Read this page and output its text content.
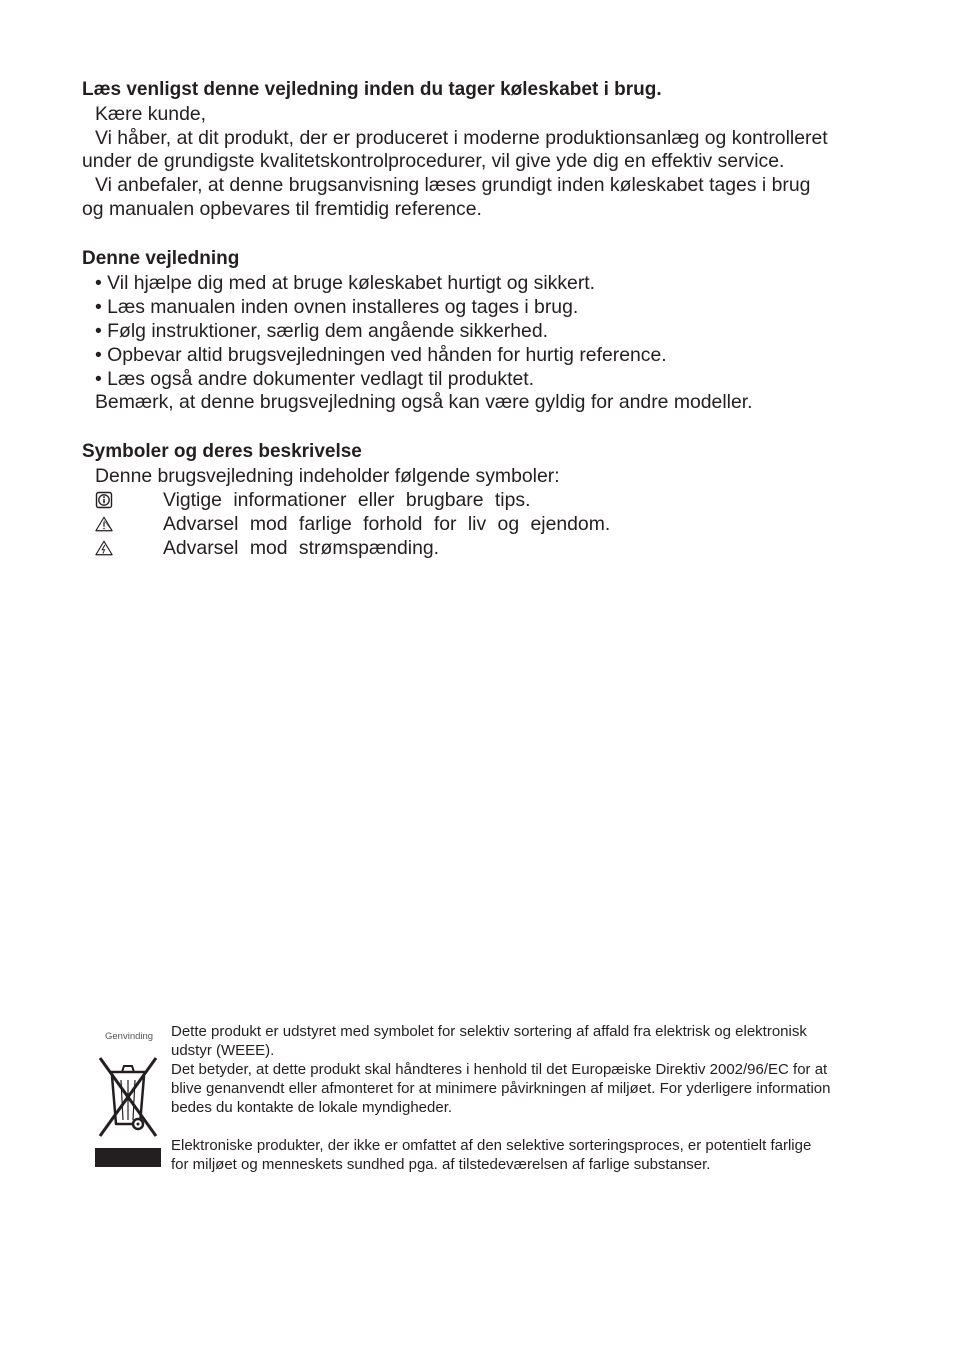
Læs venligst denne vejledning inden du tager køleskabet i brug.
Kære kunde,
Vi håber, at dit produkt, der er produceret i moderne produktionsanlæg og kontrolleret
under de grundigste kvalitetskontrolprocedurer, vil give yde dig en effektiv service.
Vi anbefaler, at denne brugsanvisning læses grundigt inden køleskabet tages i brug
og manualen opbevares til fremtidig reference.
Denne vejledning
• Vil hjælpe dig med at bruge køleskabet hurtigt og sikkert.
• Læs manualen inden ovnen installeres og tages i brug.
• Følg instruktioner, særlig dem angående sikkerhed.
• Opbevar altid brugsvejledningen ved hånden for hurtig reference.
• Læs også andre dokumenter vedlagt til produktet.
Bemærk, at denne brugsvejledning også kan være gyldig for andre modeller.
Symboler og deres beskrivelse
Denne brugsvejledning indeholder følgende symboler:
Vigtige informationer eller brugbare tips.
Advarsel mod farlige forhold for liv og ejendom.
Advarsel mod strømspænding.
Genvinding Dette produkt er udstyret med symbolet for selektiv sortering af affald fra elektrisk og elektronisk udstyr (WEEE).

Det betyder, at dette produkt skal håndteres i henhold til det Europæiske Direktiv 2002/96/EC for at blive genanvendt eller afmonteret for at minimere påvirkningen af miljøet. For yderligere information bedes du kontakte de lokale myndigheder.

Elektroniske produkter, der ikke er omfattet af den selektive sorteringsproces, er potentielt farlige for miljøet og menneskets sundhed pga. af tilstedeværelsen af farlige substanser.
